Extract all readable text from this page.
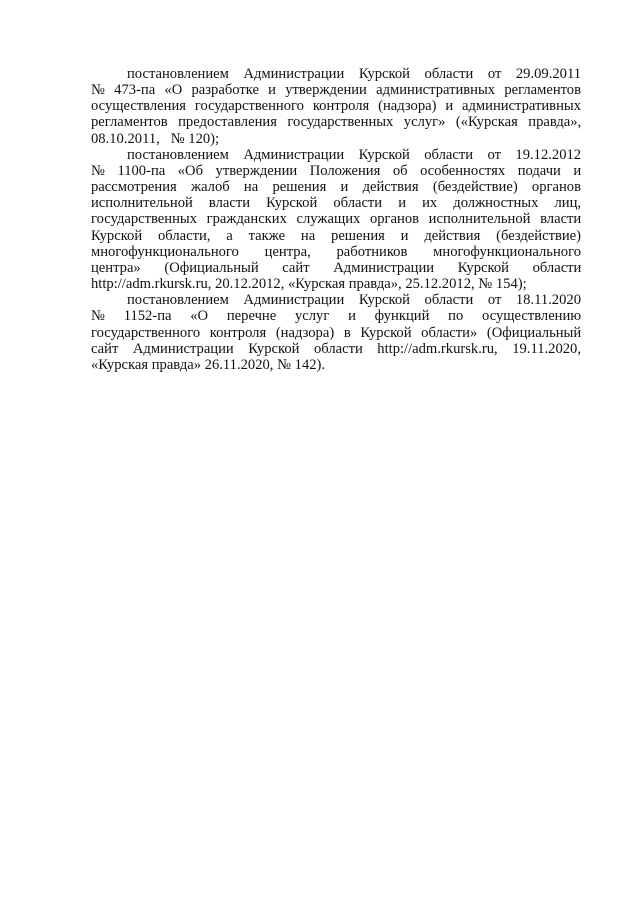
постановлением Администрации Курской области от 29.09.2011
№ 473-па «О разработке и утверждении административных регламентов
осуществления государственного контроля (надзора) и административных
регламентов предоставления государственных услуг» («Курская правда»,
08.10.2011,   № 120);
постановлением Администрации Курской области от 19.12.2012
№ 1100-па «Об утверждении Положения об особенностях подачи и
рассмотрения жалоб на решения и действия (бездействие) органов
исполнительной власти Курской области и их должностных лиц,
государственных гражданских служащих органов исполнительной власти
Курской области, а также на решения и действия (бездействие)
многофункционального центра, работников многофункционального
центра» (Официальный сайт Администрации Курской области
http://adm.rkursk.ru, 20.12.2012, «Курская правда», 25.12.2012, № 154);
постановлением Администрации Курской области от 18.11.2020
№ 1152-па «О перечне услуг и функций по осуществлению
государственного контроля (надзора) в Курской области» (Официальный
сайт Администрации Курской области http://adm.rkursk.ru, 19.11.2020,
«Курская правда» 26.11.2020, № 142).
